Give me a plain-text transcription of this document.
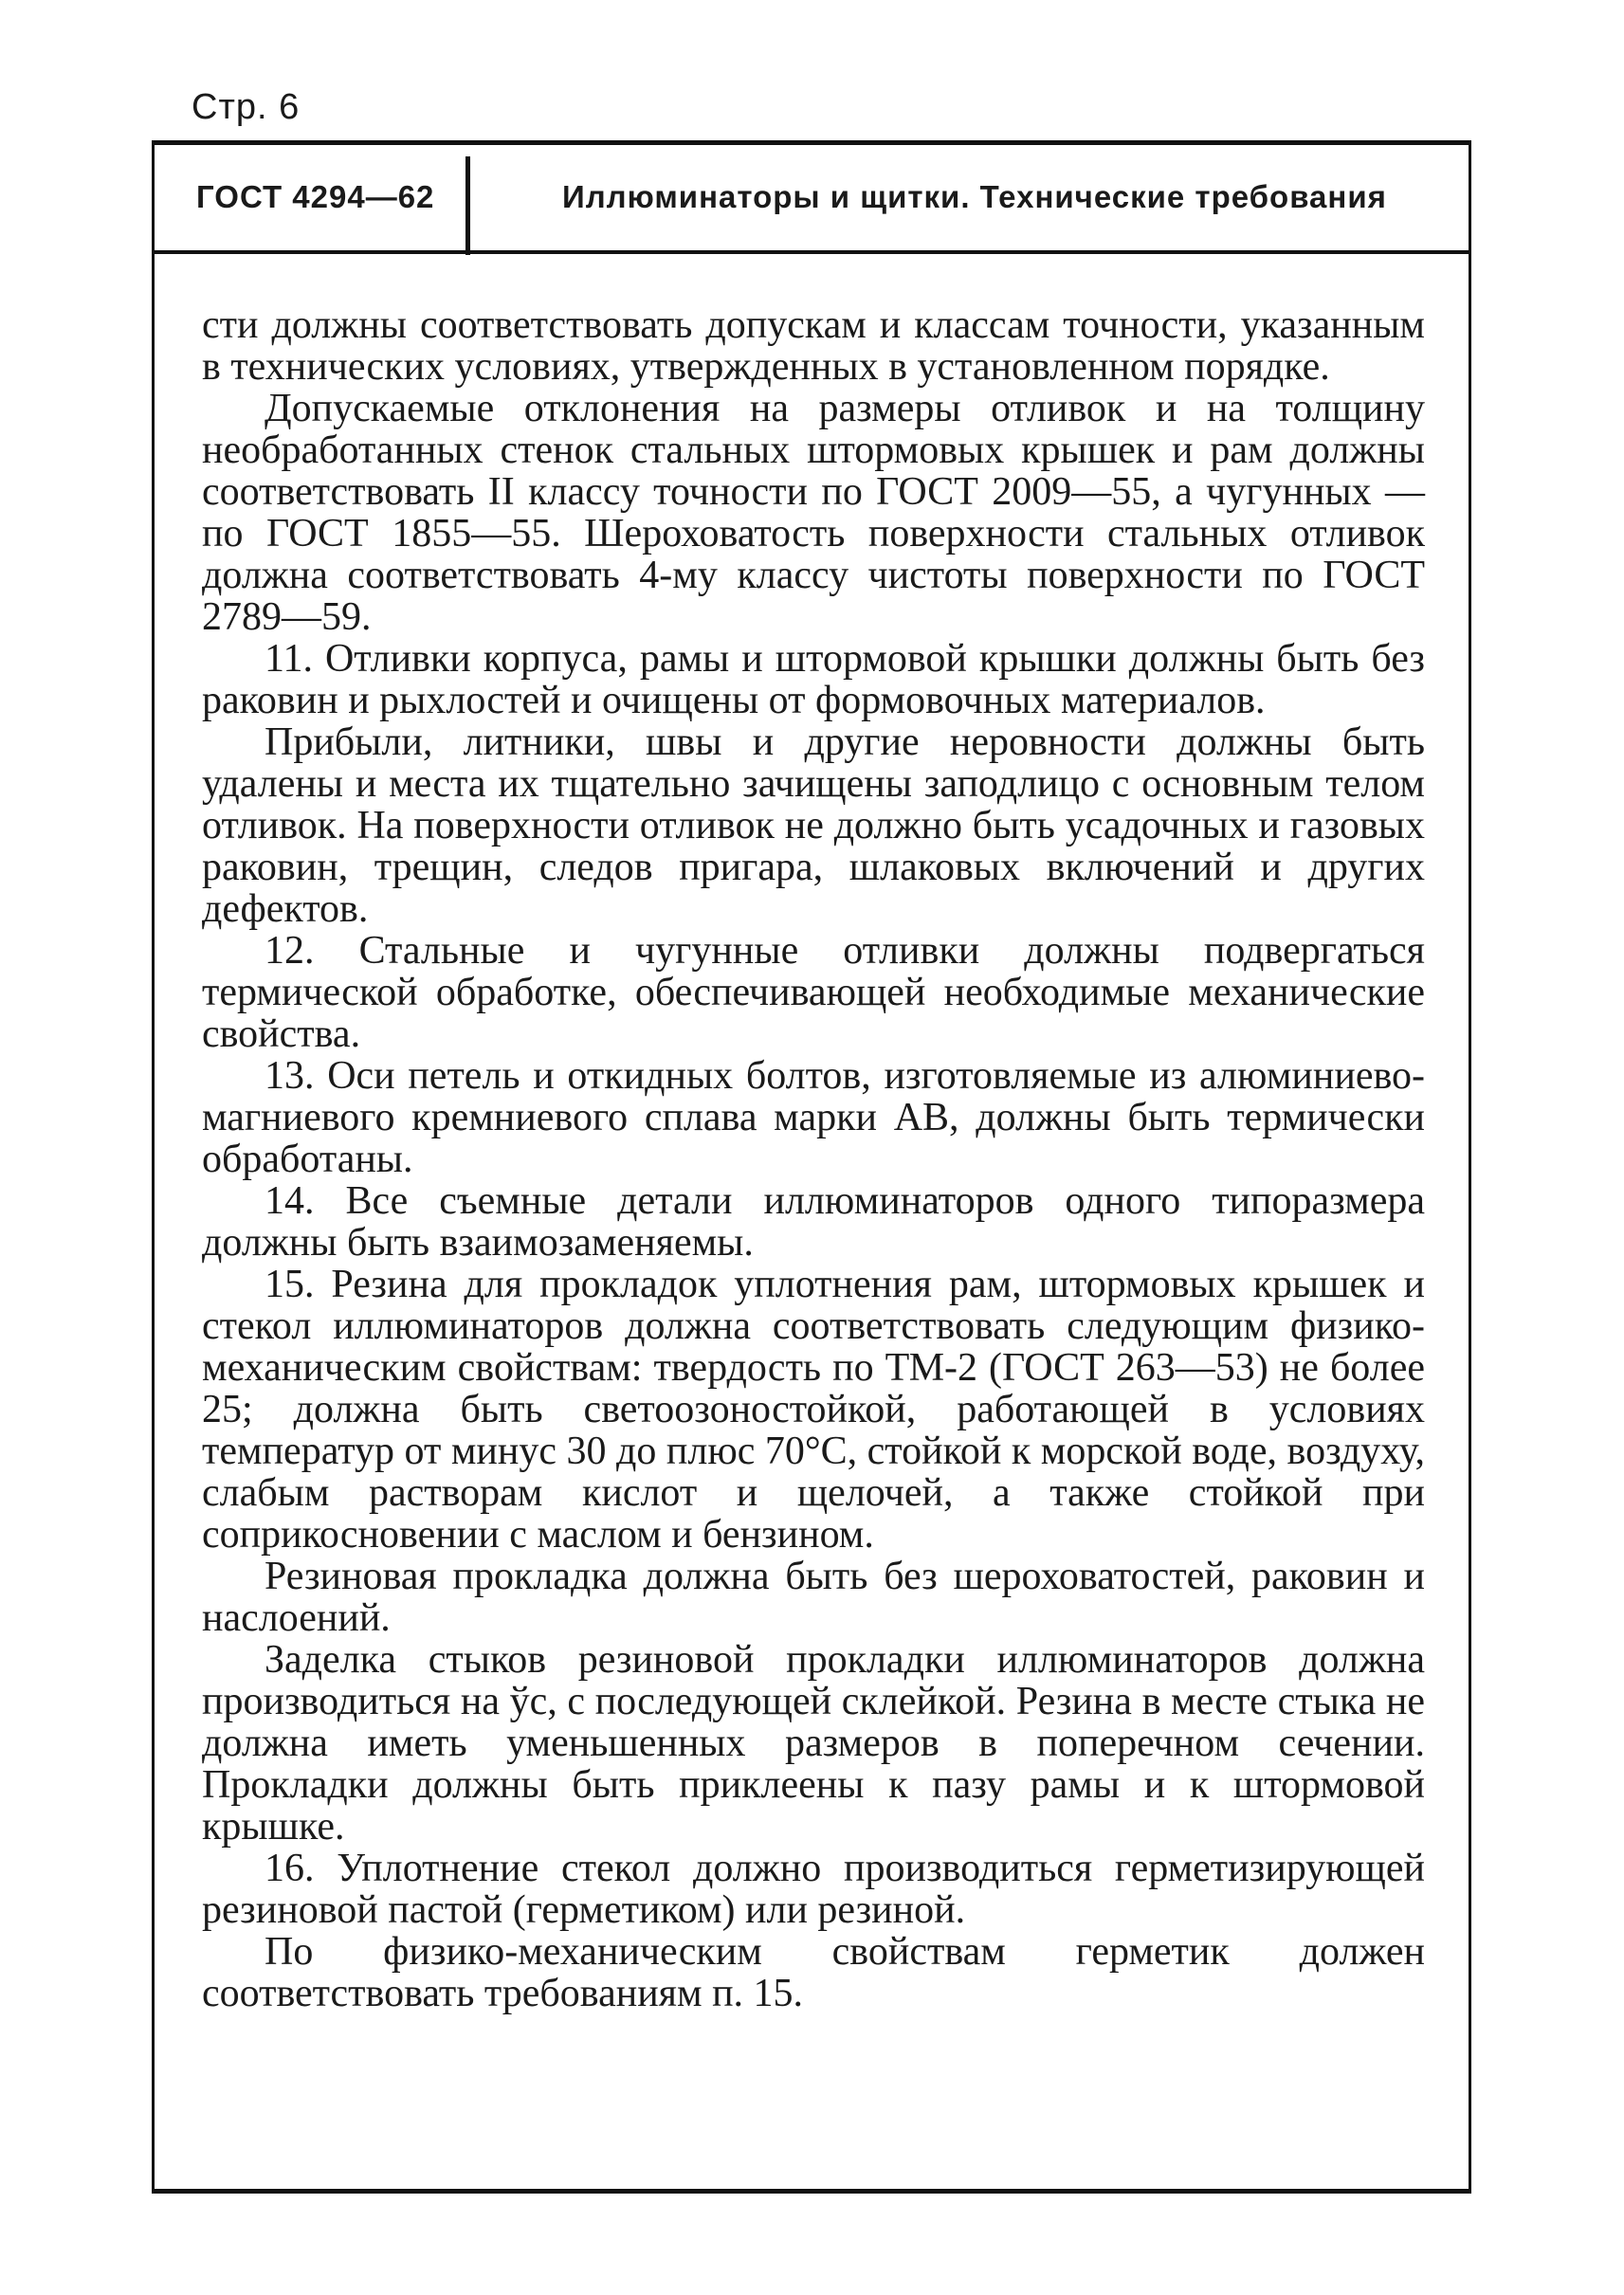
Стр. 6
ГОСТ 4294—62	Иллюминаторы и щитки. Технические требования

сти должны соответствовать допускам и классам точности, указанным в технических условиях, утвержденных в установленном порядке.

Допускаемые отклонения на размеры отливок и на толщину необработанных стенок стальных штормовых крышек и рам должны соответствовать II классу точности по ГОСТ 2009—55, а чугунных — по ГОСТ 1855—55. Шероховатость поверхности стальных отливок должна соответствовать 4-му классу чистоты поверхности по ГОСТ 2789—59.

11. Отливки корпуса, рамы и штормовой крышки должны быть без раковин и рыхлостей и очищены от формовочных материалов.

Прибыли, литники, швы и другие неровности должны быть удалены и места их тщательно зачищены заподлицо с основным телом отливок. На поверхности отливок не должно быть усадочных и газовых раковин, трещин, следов пригара, шлаковых включений и других дефектов.

12. Стальные и чугунные отливки должны подвергаться термической обработке, обеспечивающей необходимые механические свойства.

13. Оси петель и откидных болтов, изготовляемые из алюминиево-магниевого кремниевого сплава марки АВ, должны быть термически обработаны.

14. Все съемные детали иллюминаторов одного типоразмера должны быть взаимозаменяемы.

15. Резина для прокладок уплотнения рам, штормовых крышек и стекол иллюминаторов должна соответствовать следующим физико-механическим свойствам: твердость по ТМ-2 (ГОСТ 263—53) не более 25; должна быть светоозоностойкой, работающей в условиях температур от минус 30 до плюс 70°С, стойкой к морской воде, воздуху, слабым растворам кислот и щелочей, а также стойкой при соприкосновении с маслом и бензином.

Резиновая прокладка должна быть без шероховатостей, раковин и наслоений.

Заделка стыков резиновой прокладки иллюминаторов должна производиться на ўс, с последующей склейкой. Резина в месте стыка не должна иметь уменьшенных размеров в поперечном сечении. Прокладки должны быть приклеены к пазу рамы и к штормовой крышке.

16. Уплотнение стекол должно производиться герметизирующей резиновой пастой (герметиком) или резиной.

По физико-механическим свойствам герметик должен соответствовать требованиям п. 15.
